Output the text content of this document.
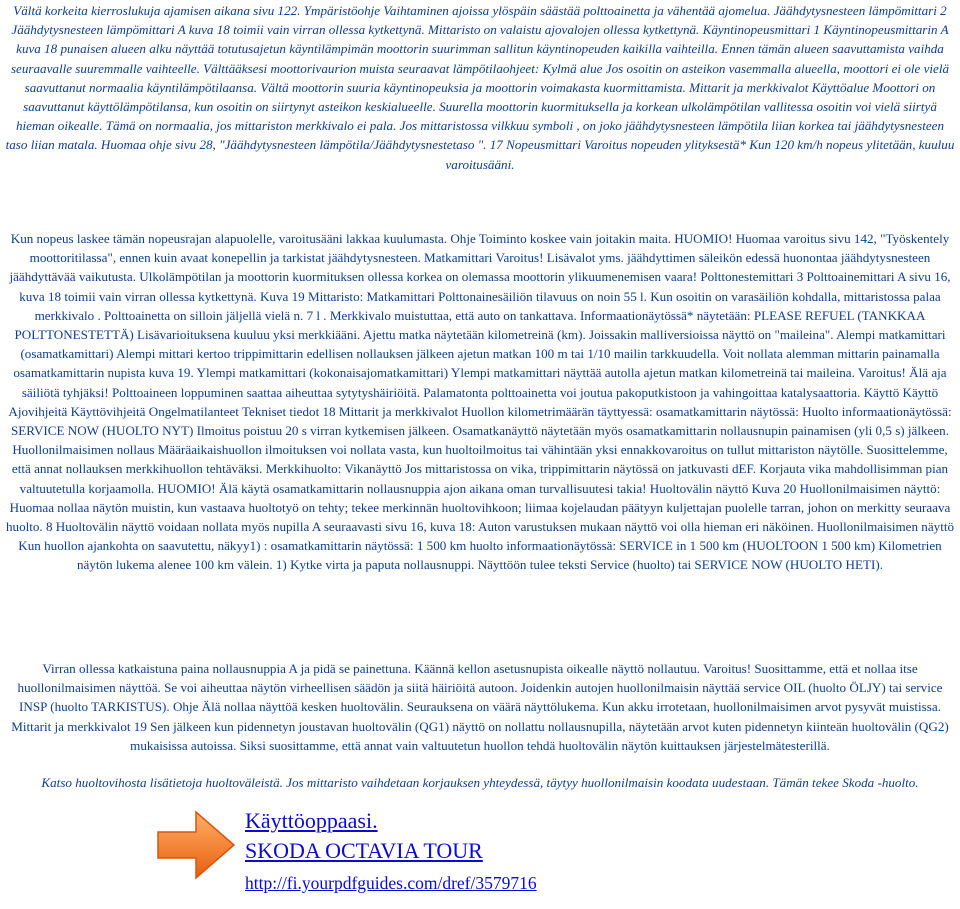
Vältä korkeita kierroslukuja ajamisen aikana sivu 122. Ympäristöohje Vaihtaminen ajoissa ylöspäin säästää polttoainetta ja vähentää ajomelua. Jäähdytysnesteen lämpömittari 2 Jäähdytysnesteen lämpömittari A kuva 18 toimii vain virran ollessa kytkettynä. Mittaristo on valaistu ajovalojen ollessa kytkettynä. Käyntinopeusmittari 1 Käyntinopeusmittarin A kuva 18 punaisen alueen alku näyttää totutusajetun käyntilämpimän moottorin suurimman sallitun käyntinopeuden kaikilla vaihteilla. Ennen tämän alueen saavuttamista vaihda seuraavalle suuremmalle vaihteelle. Välttääksesi moottorivaurion muista seuraavat lämpötilaohjeet: Kylmä alue Jos osoitin on asteikon vasemmalla alueella, moottori ei ole vielä saavuttanut normaalia käyntilämpötilaansa. Vältä moottorin suuria käyntinopeuksia ja moottorin voimakasta kuormittamista. Mittarit ja merkkivalot Käyttöalue Moottori on saavuttanut käyttölämpötilansa, kun osoitin on siirtynyt asteikon keskialueelle. Suurella moottorin kuormituksella ja korkean ulkolämpötilan vallitessa osoitin voi vielä siirtyä hieman oikealle. Tämä on normaalia, jos mittariston merkkivalo ei pala. Jos mittaristossa vilkkuu symboli , on joko jäähdytysnesteen lämpötila liian korkea tai jäähdytysnesteen taso liian matala. Huomaa ohje sivu 28, "Jäähdytysnesteen lämpötila/Jäähdytysnestetaso ". 17 Nopeusmittari Varoitus nopeuden ylityksestä* Kun 120 km/h nopeus ylitetään, kuuluu varoitusääni.

Kun nopeus laskee tämän nopeusrajan alapuolelle, varoitusääni lakkaa kuulumasta. Ohje Toiminto koskee vain joitakin maita. HUOMIO! Huomaa varoitus sivu 142, "Työskentely moottoritilassa", ennen kuin avaat konepellin ja tarkistat jäähdytysnesteen. Matkamittari Varoitus! Lisävalot yms. jäähdyttimen säleikön edessä huonontaa jäähdytysnesteen jäähdyttävää vaikutusta. Ulkolämpötilan ja moottorin kuormituksen ollessa korkea on olemassa moottorin ylikuumenemisen vaara! Polttonestemittari 3 Polttoainemittari A sivu 16, kuva 18 toimii vain virran ollessa kytkettynä. Kuva 19 Mittaristo: Matkamittari Polttonainesäiliön tilavuus on noin 55 l. Kun osoitin on varasäiliön kohdalla, mittaristossa palaa merkkivalo . Polttoainetta on silloin jäljellä vielä n. 7 l . Merkkivalo muistuttaa, että auto on tankattava. Informaationäytössä* näytetään: PLEASE REFUEL (TANKKAA POLTTONESTETTÄ) Lisävarioituksena kuuluu yksi merkkiääni. Ajettu matka näytetään kilometreinä (km). Joissakin malliversioissa näyttö on "maileina". Alempi matkamittari (osamatkamittari) Alempi mittari kertoo trippimittarin edellisen nollauksen jälkeen ajetun matkan 100 m tai 1/10 mailin tarkkuudella. Voit nollata alemman mittarin painamalla osamatkamittarin nupista kuva 19. Ylempi matkamittari (kokonaisajomatkamittari) Ylempi matkamittari näyttää autolla ajetun matkan kilometreinä tai maileina. Varoitus! Älä aja säiliötä tyhjäksi! Polttoaineen loppuminen saattaa aiheuttaa sytytyshäiriöitä. Palamatonta polttoainetta voi joutua pakoputkistoon ja vahingoittaa katalysaattoria. Käyttö Käyttö Ajovihjeitä Käyttövihjeitä Ongelmatilanteet Tekniset tiedot 18 Mittarit ja merkkivalot Huollon kilometrimäärän täyttyessä: osamatkamittarin näytössä: Huolto informaationäytössä: SERVICE NOW (HUOLTO NYT) Ilmoitus poistuu 20 s virran kytkemisen jälkeen. Osamatkanäyttö näytetään myös osamatkamittarin nollausnupin painamisen (yli 0,5 s) jälkeen. Huollonilmaisimen nollaus Määräaikaishuollon ilmoituksen voi nollata vasta, kun huoltoilmoitus tai vähintään yksi ennakkovaroitus on tullut mittariston näytölle. Suosittelemme, että annat nollauksen merkkihuollon tehtäväksi. Merkkihuolto: Vikanäyttö Jos mittaristossa on vika, trippimittarin näytössä on jatkuvasti dEF. Korjauta vika mahdollisimman pian valtuutetulla korjaamolla. HUOMIO! Älä käytä osamatkamittarin nollausnuppia ajon aikana oman turvallisuutesi takia! Huoltovälin näyttö Kuva 20 Huollonilmaisimen näyttö: Huomaa nollaa näytön muistin, kun vastaava huoltotyö on tehty; tekee merkinnän huoltovihkoon; liimaa kojelaudan päätyyn kuljettajan puolelle tarran, johon on merkitty seuraava huolto. 8 Huoltovälin näyttö voidaan nollata myös nupilla A seuraavasti sivu 16, kuva 18: Auton varustuksen mukaan näyttö voi olla hieman eri näköinen. Huollonilmaisimen näyttö Kun huollon ajankohta on saavutettu, näkyy1) : osamatkamittarin näytössä: 1 500 km huolto informaationäytössä: SERVICE in 1 500 km (HUOLTOON 1 500 km) Kilometrien näytön lukema alenee 100 km välein. 1) Kytke virta ja paputa nollausnuppi. Näyttöön tulee teksti Service (huolto) tai SERVICE NOW (HUOLTO HETI).

Virran ollessa katkaistuna paina nollausnuppia A ja pidä se painettuna. Käännä kellon asetusnupista oikealle näyttö nollautuu. Varoitus! Suosittamme, että et nollaa itse huollonilmaisimen näyttöä. Se voi aiheuttaa näytön virheellisen säädön ja siitä häiriöitä autoon. Joidenkin autojen huollonilmaisin näyttää service OIL (huolto ÖLJY) tai service INSP (huolto TARKISTUS). Ohje Älä nollaa näyttöä kesken huoltovälin. Seurauksena on väärä näyttölukema. Kun akku irrotetaan, huollonilmaisimen arvot pysyvät muistissa. Mittarit ja merkkivalot 19 Sen jälkeen kun pidennetyn joustavan huoltovälin (QG1) näyttö on nollattu nollausnupilla, näytetään arvot kuten pidennetyn kiinteän huoltovälin (QG2) mukaisissa autoissa. Siksi suosittamme, että annat vain valtuutetun huollon tehdä huoltovälin näytön kuittauksen järjestelmätesterillä.

Katso huoltovihosta lisätietoja huoltoväleistä. Jos mittaristo vaihdetaan korjauksen yhteydessä, täytyy huollonilmaisin koodata uudestaan. Tämän tekee Skoda -huolto.

Käyttöoppaasi.
SKODA OCTAVIA TOUR
http://fi.yourpdfguides.com/dref/3579716
